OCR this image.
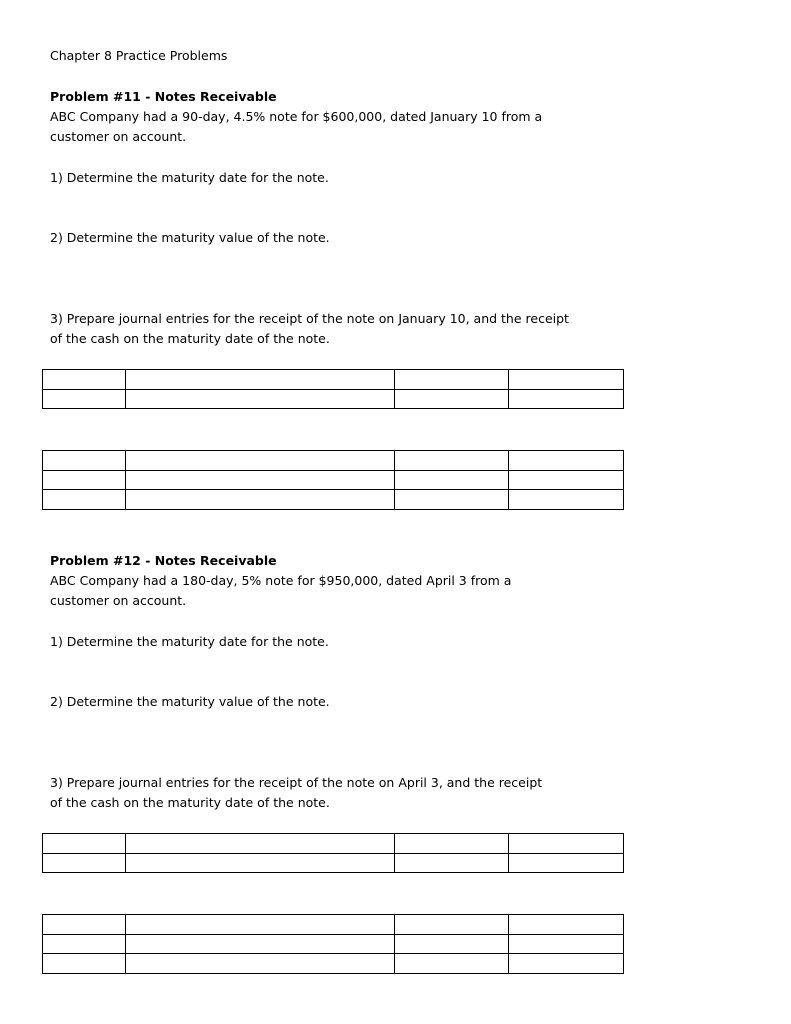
Chapter 8 Practice Problems
Problem #11 - Notes Receivable
ABC Company had a 90-day, 4.5% note for $600,000, dated January 10 from a
customer on account.
1) Determine the maturity date for the note.
2) Determine the maturity value of the note.
3) Prepare journal entries for the receipt of the note on January 10, and the receipt
of the cash on the maturity date of the note.

Problem #12 - Notes Receivable
ABC Company had a 180-day, 5% note for $950,000, dated April 3 from a
customer on account.
1) Determine the maturity date for the note.
2) Determine the maturity value of the note.
3) Prepare journal entries for the receipt of the note on April 3, and the receipt
of the cash on the maturity date of the note.
